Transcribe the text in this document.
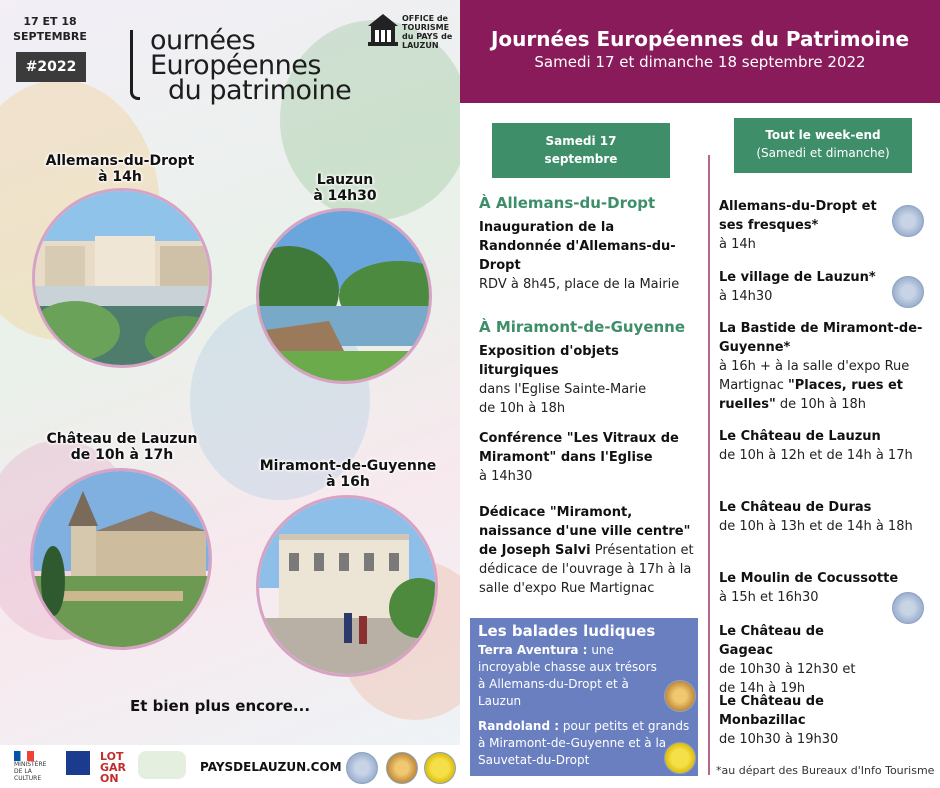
17 ET 18
SEPTEMBRE
#2022
ournées
Européennes
du patrimoine
OFFICE de TOURISME du PAYS de LAUZUN
Allemans-du-Dropt
à 14h	Lauzun
à 14h30
Château de Lauzun
de 10h à 17h
Miramont-de-Guyenne
à 16h
Et bien plus encore...
MINISTÈRE DE LA CULTURE
LOT GAR ON
PAYSDELAUZUN.COM
Journées Européennes du Patrimoine

Samedi 17 et dimanche 18 septembre 2022

Samedi 17 septembre
Tout le week-end
(Samedi et dimanche)
À Allemans-du-Dropt
Inauguration de la Randonnée d'Allemans-du-Dropt
RDV à 8h45, place de la Mairie
À Miramont-de-Guyenne
Exposition d'objets liturgiques
dans l'Eglise Sainte-Marie
de 10h à 18h
Conférence "Les Vitraux de Miramont" dans l'Eglise
à 14h30
Dédicace "Miramont, naissance d'une ville centre" de Joseph Salvi Présentation et dédicace de l'ouvrage à 17h à la salle d'expo Rue Martignac
Les balades ludiques
Terra Aventura : une incroyable chasse aux trésors à Allemans-du-Dropt et à Lauzun
Randoland : pour petits et grands à Miramont-de-Guyenne et à la Sauvetat-du-Dropt
Allemans-du-Dropt et ses fresques*
à 14h
Le village de Lauzun*
à 14h30
La Bastide de Miramont-de-Guyenne*
à 16h + à la salle d'expo Rue Martignac "Places, rues et ruelles" de 10h à 18h
Le Château de Lauzun
de 10h à 12h et de 14h à 17h
Le Château de Duras
de 10h à 13h et de 14h à 18h
Le Moulin de Cocussotte
à 15h et 16h30
Le Château de Gageac
de 10h30 à 12h30 et de 14h à 19h
Le Château de Monbazillac
de 10h30 à 19h30
*au départ des Bureaux d'Info Tourisme
